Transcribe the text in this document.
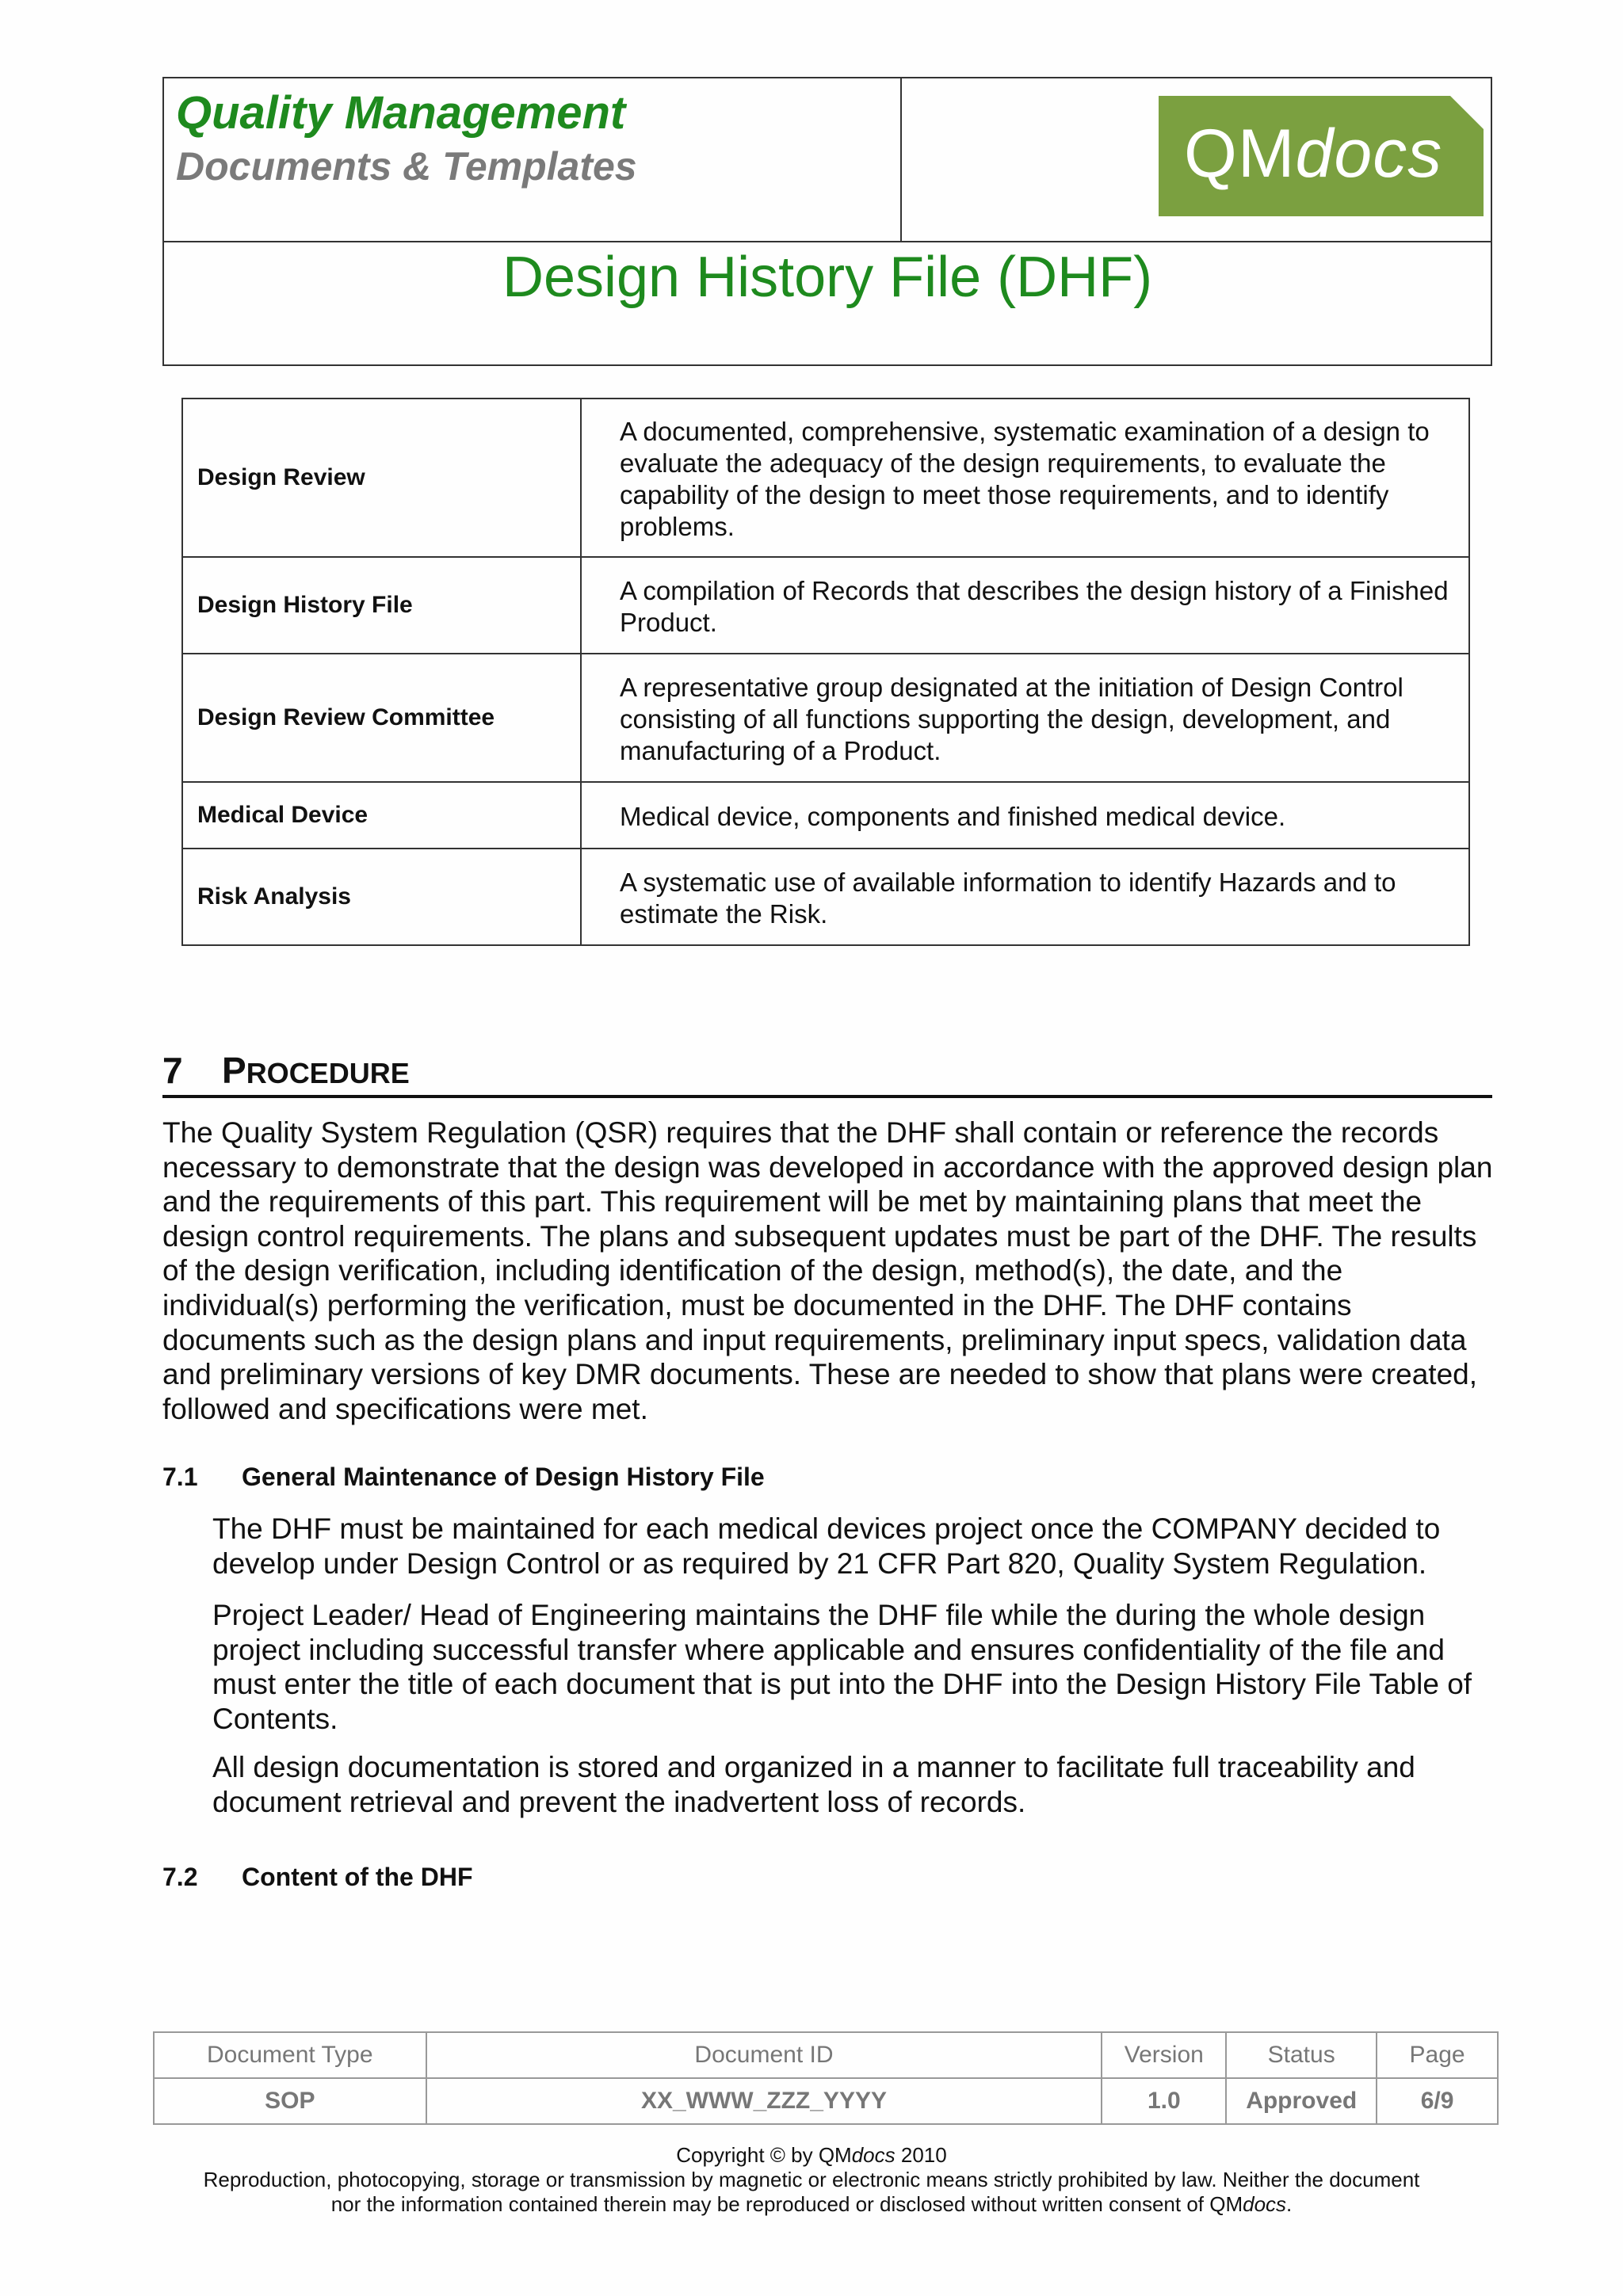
Quality Management
Documents & Templates	QMdocs
Design History File (DHF)
Design Review	A documented, comprehensive, systematic examination of a design to evaluate the adequacy of the design requirements, to evaluate the capability of the design to meet those requirements, and to identify problems.
Design History File	A compilation of Records that describes the design history of a Finished Product.
Design Review Committee	A representative group designated at the initiation of Design Control consisting of all functions supporting the design, development, and manufacturing of a Product.
Medical Device	Medical device, components and finished medical device.
Risk Analysis	A systematic use of available information to identify Hazards and to estimate the Risk.
7 PROCEDURE
The Quality System Regulation (QSR) requires that the DHF shall contain or reference the records necessary to demonstrate that the design was developed in accordance with the approved design plan and the requirements of this part. This requirement will be met by maintaining plans that meet the design control requirements. The plans and subsequent updates must be part of the DHF. The results of the design verification, including identification of the design, method(s), the date, and the individual(s) performing the verification, must be documented in the DHF. The DHF contains documents such as the design plans and input requirements, preliminary input specs, validation data and preliminary versions of key DMR documents. These are needed to show that plans were created, followed and specifications were met.
7.1 General Maintenance of Design History File
The DHF must be maintained for each medical devices project once the COMPANY decided to develop under Design Control or as required by 21 CFR Part 820, Quality System Regulation.
Project Leader/ Head of Engineering maintains the DHF file while the during the whole design project including successful transfer where applicable and ensures confidentiality of the file and must enter the title of each document that is put into the DHF into the Design History File Table of Contents.
All design documentation is stored and organized in a manner to facilitate full traceability and document retrieval and prevent the inadvertent loss of records.
7.2 Content of the DHF
Document Type	Document ID	Version	Status	Page
SOP	XX_WWW_ZZZ_YYYY	1.0	Approved	6/9
Copyright © by QMdocs 2010
Reproduction, photocopying, storage or transmission by magnetic or electronic means strictly prohibited by law. Neither the document
nor the information contained therein may be reproduced or disclosed without written consent of QMdocs.
